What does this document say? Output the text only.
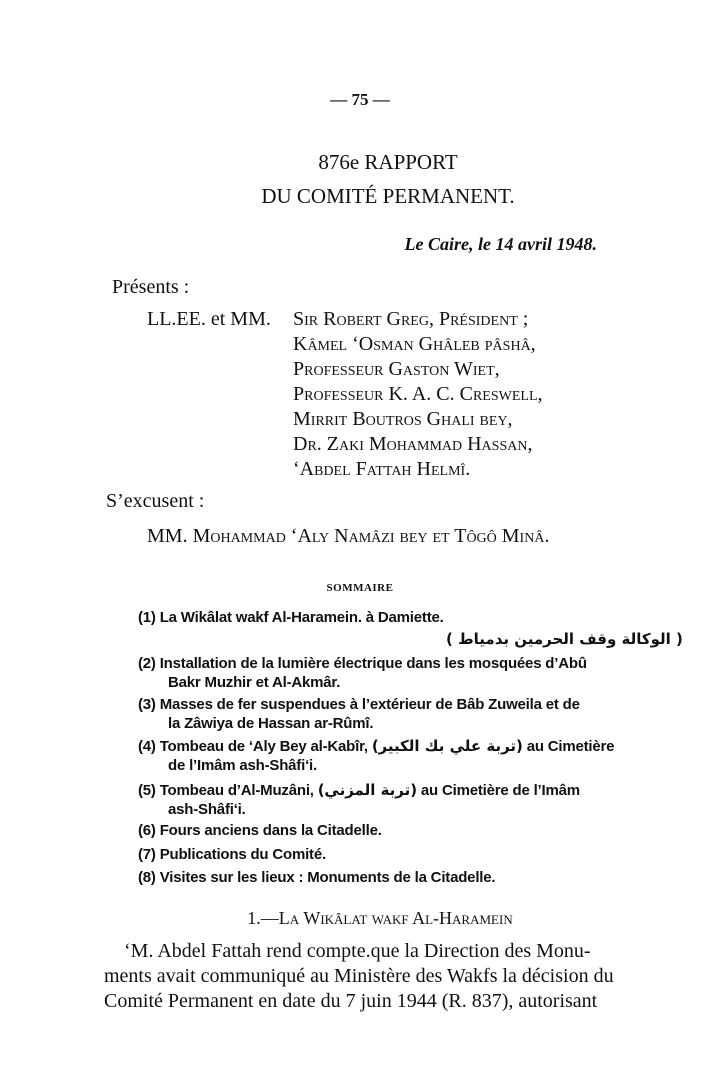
— 75 —
876e RAPPORT
DU COMITÉ PERMANENT.
Le Caire, le 14 avril 1948.
Présents :
LL.EE. et MM. Sir Robert Greg, Président ;
Kâmel ‘Osman Ghâleb pâshâ,
Professeur Gaston Wiet,
Professeur K. A. C. Creswell,
Mirrit Boutros Ghali bey,
Dr. Zaki Mohammad Hassan,
‘Abdel Fattah Helmî.
S’excusent :
MM. Mohammad ‘Aly Namâzi bey et Tôgô Minâ.
SOMMAIRE
(1) La Wikâlat wakf Al-Haramein. à Damiette.
( الوكالة وقف الحرمين بدمياط )
(2) Installation de la lumière électrique dans les mosquées d’Abû
Bakr Muzhir et Al-Akmâr.
(3) Masses de fer suspendues à l’extérieur de Bâb Zuweila et de
la Zâwiya de Hassan ar-Rûmî.
(4) Tombeau de ‘Aly Bey al-Kabîr, (تربة علي بك الكبير) au Cimetière
de l’Imâm ash-Shâfi‘i.
(5) Tombeau d’Al-Muzâni, (تربة المزني) au Cimetière de l’Imâm
ash-Shâfi‘i.
(6) Fours anciens dans la Citadelle.
(7) Publications du Comité.
(8) Visites sur les lieux : Monuments de la Citadelle.
1.—La Wikâlat wakf Al-Haramein
‘M. Abdel Fattah rend compte.que la Direction des Monu-
ments avait communiqué au Ministère des Wakfs la décision du
Comité Permanent en date du 7 juin 1944 (R. 837), autorisant
